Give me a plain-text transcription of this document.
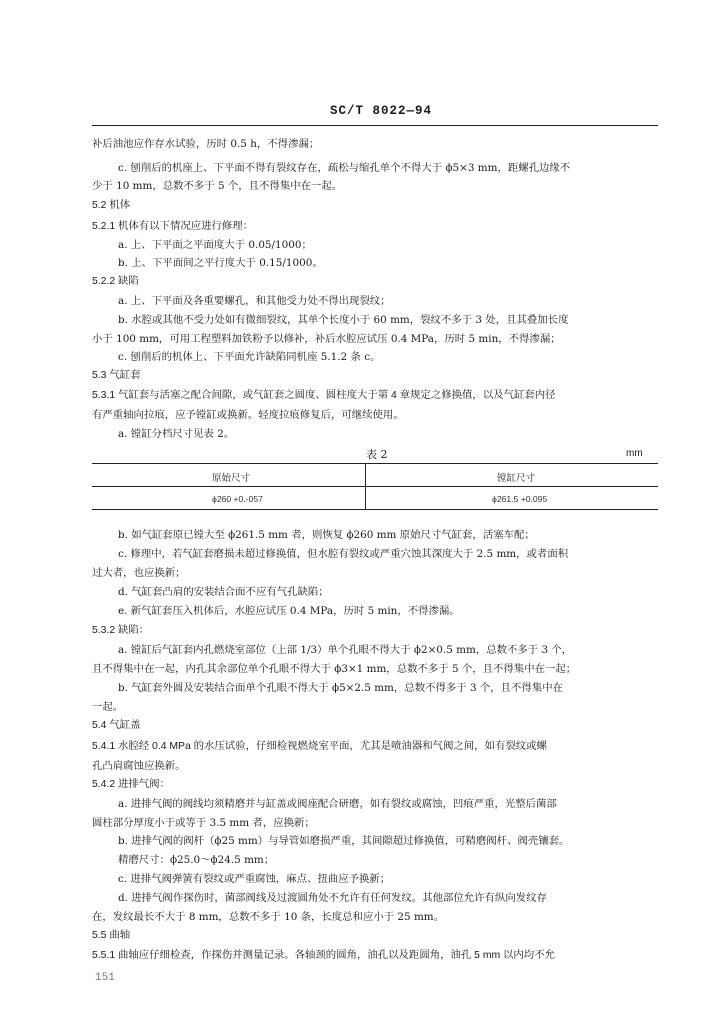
SC/T 8022—94
补后油池应作存水试验，历时 0.5 h，不得渗漏；
c. 刨削后的机座上、下平面不得有裂纹存在，疏松与缩孔单个不得大于 ϕ5×3 mm，距螺孔边缘不
少于 10 mm，总数不多于 5 个，且不得集中在一起。
5.2 机体
5.2.1 机体有以下情况应进行修理：
a. 上、下平面之平面度大于 0.05/1000；
b. 上、下平面间之平行度大于 0.15/1000。
5.2.2 缺陷
a. 上、下平面及各重要螺孔，和其他受力处不得出现裂纹；
b. 水腔或其他不受力处如有微细裂纹，其单个长度小于 60 mm，裂纹不多于 3 处，且其叠加长度
小于 100 mm，可用工程塑料加铁粉予以修补，补后水腔应试压 0.4 MPa，历时 5 min，不得渗漏；
c. 刨削后的机体上、下平面允许缺陷同机座 5.1.2 条 c。
5.3 气缸套
5.3.1 气缸套与活塞之配合间隙，或气缸套之圆度、圆柱度大于第 4 章规定之修换值，以及气缸套内径
有严重轴向拉痕，应予镗缸或换新。轻度拉痕修复后，可继续使用。
a. 镗缸分档尺寸见表 2。
b. 如气缸套原已镗大至 ϕ261.5 mm 者，则恢复 ϕ260 mm 原始尺寸气缸套，活塞车配；
c. 修理中，若气缸套磨损未超过修换值，但水腔有裂纹或严重穴蚀其深度大于 2.5 mm，或者面积
过大者，也应换新；
d. 气缸套凸肩的安装结合面不应有气孔缺陷；
e. 新气缸套压入机体后，水腔应试压 0.4 MPa，历时 5 min，不得渗漏。
5.3.2 缺陷：
a. 镗缸后气缸套内孔燃烧室部位（上部 1/3）单个孔眼不得大于 ϕ2×0.5 mm，总数不多于 3 个，
且不得集中在一起，内孔其余部位单个孔眼不得大于 ϕ3×1 mm，总数不多于 5 个，且不得集中在一起；
b. 气缸套外圆及安装结合面单个孔眼不得大于 ϕ5×2.5 mm，总数不得多于 3 个，且不得集中在
一起。
5.4 气缸盖
5.4.1 水腔经 0.4 MPa 的水压试验，仔细检视燃烧室平面，尤其是喷油器和气阀之间，如有裂纹或螺
孔凸肩腐蚀应换新。
5.4.2 进排气阀：
a. 进排气阀的阀线均须精磨并与缸盖或阀座配合研磨，如有裂纹或腐蚀，凹痕严重，光整后菌部
圆柱部分厚度小于或等于 3.5 mm 者，应换新；
b. 进排气阀的阀杆（ϕ25 mm）与导管如磨损严重，其间隙超过修换值，可精磨阀杆、阀壳镶套。
精磨尺寸：ϕ25.0～ϕ24.5 mm；
c. 进排气阀弹簧有裂纹或严重腐蚀，麻点、扭曲应予换新；
d. 进排气阀作探伤时，菌部阀线及过渡圆角处不允许有任何发纹。其他部位允许有纵向发纹存
在，发纹最长不大于 8 mm，总数不多于 10 条，长度总和应小于 25 mm。
5.5 曲轴
5.5.1 曲轴应仔细检查，作探伤并测量记录。各轴颈的圆角，油孔以及距圆角，油孔 5 mm 以内均不允
表 2	mm
原始尺寸	镗缸尺寸
ϕ260 +0.-057	ϕ261.5 +0.095
151
